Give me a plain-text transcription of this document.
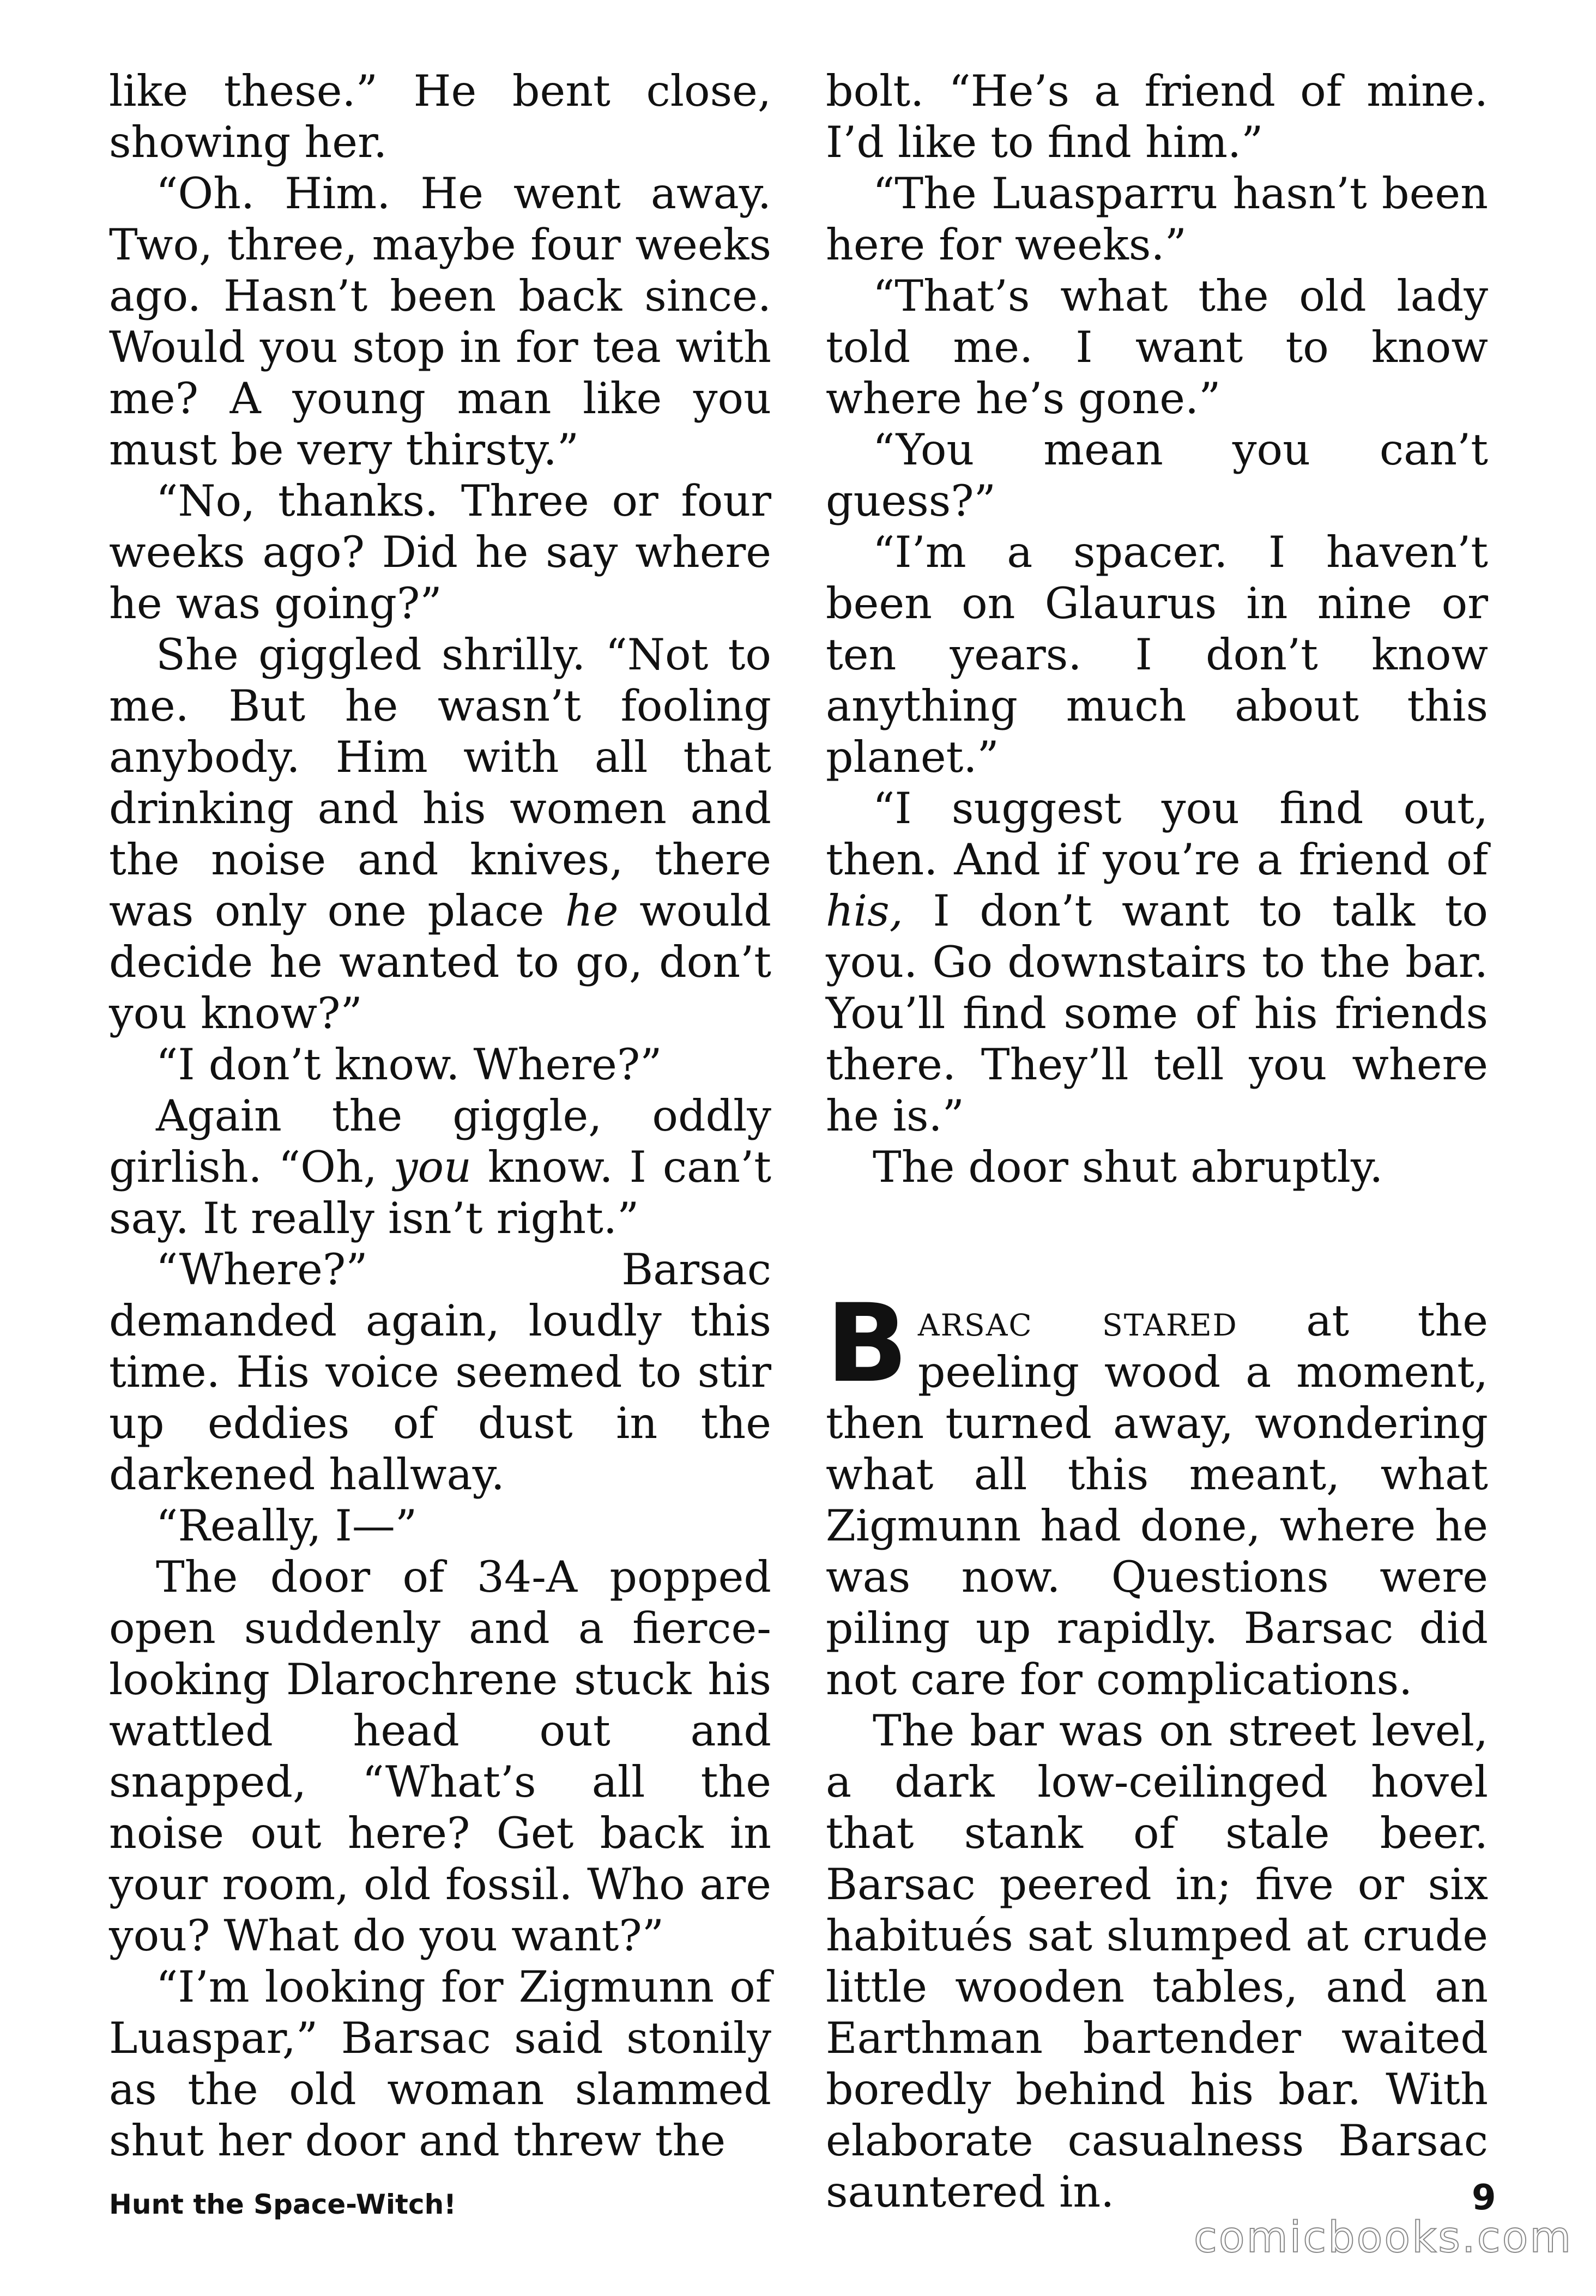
like these.” He bent close, showing her.

“Oh. Him. He went away. Two, three, maybe four weeks ago. Hasn’t been back since. Would you stop in for tea with me? A young man like you must be very thirsty.”

“No, thanks. Three or four weeks ago? Did he say where he was going?”

She giggled shrilly. “Not to me. But he wasn’t fooling anybody. Him with all that drinking and his women and the noise and knives, there was only one place he would decide he wanted to go, don’t you know?”

“I don’t know. Where?”

Again the giggle, oddly girlish. “Oh, you know. I can’t say. It really isn’t right.”

“Where?” Barsac demanded again, loudly this time. His voice seemed to stir up eddies of dust in the darkened hallway.

“Really, I—”

The door of 34-A popped open suddenly and a fierce-looking Dlarochrene stuck his wattled head out and snapped, “What’s all the noise out here? Get back in your room, old fossil. Who are you? What do you want?”

“I’m looking for Zigmunn of Luaspar,” Barsac said stonily as the old woman slammed shut her door and threw the

bolt. “He’s a friend of mine. I’d like to find him.”

“The Luasparru hasn’t been here for weeks.”

“That’s what the old lady told me. I want to know where he’s gone.”

“You mean you can’t guess?”

“I’m a spacer. I haven’t been on Glaurus in nine or ten years. I don’t know anything much about this planet.”

“I suggest you find out, then. And if you’re a friend of his, I don’t want to talk to you. Go downstairs to the bar. You’ll find some of his friends there. They’ll tell you where he is.”

The door shut abruptly.

Barsac stared at the peeling wood a moment, then turned away, wondering what all this meant, what Zigmunn had done, where he was now. Questions were piling up rapidly. Barsac did not care for complications.

The bar was on street level, a dark low-ceilinged hovel that stank of stale beer. Barsac peered in; five or six habitués sat slumped at crude little wooden tables, and an Earthman bartender waited boredly behind his bar. With elaborate casualness Barsac sauntered in.

Hunt the Space-Witch!	9
comicbooks.com
